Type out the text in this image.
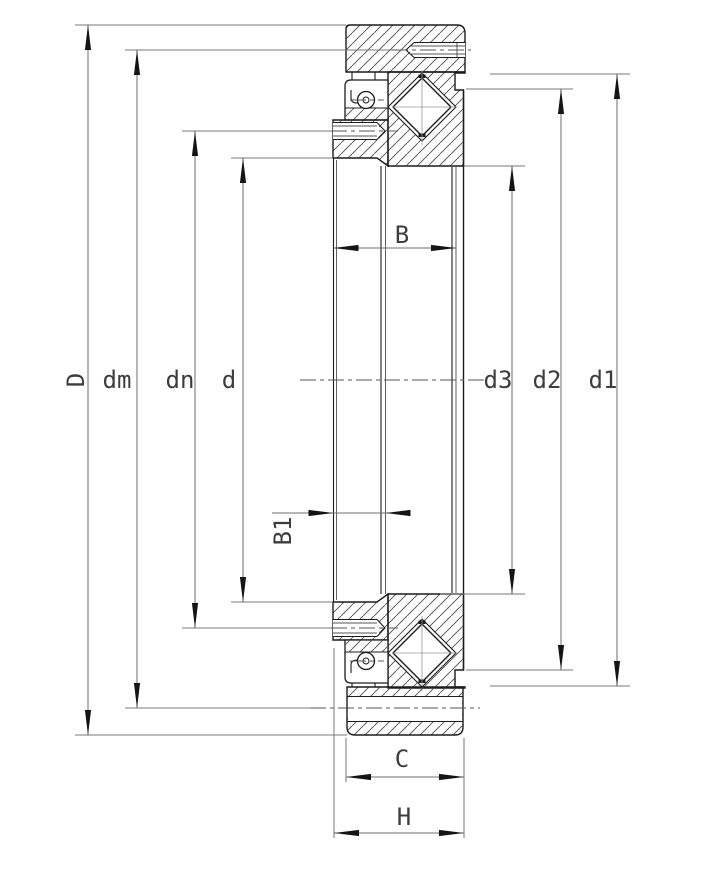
D dm dn d	d3 d2 d1
B
B1
C
H
